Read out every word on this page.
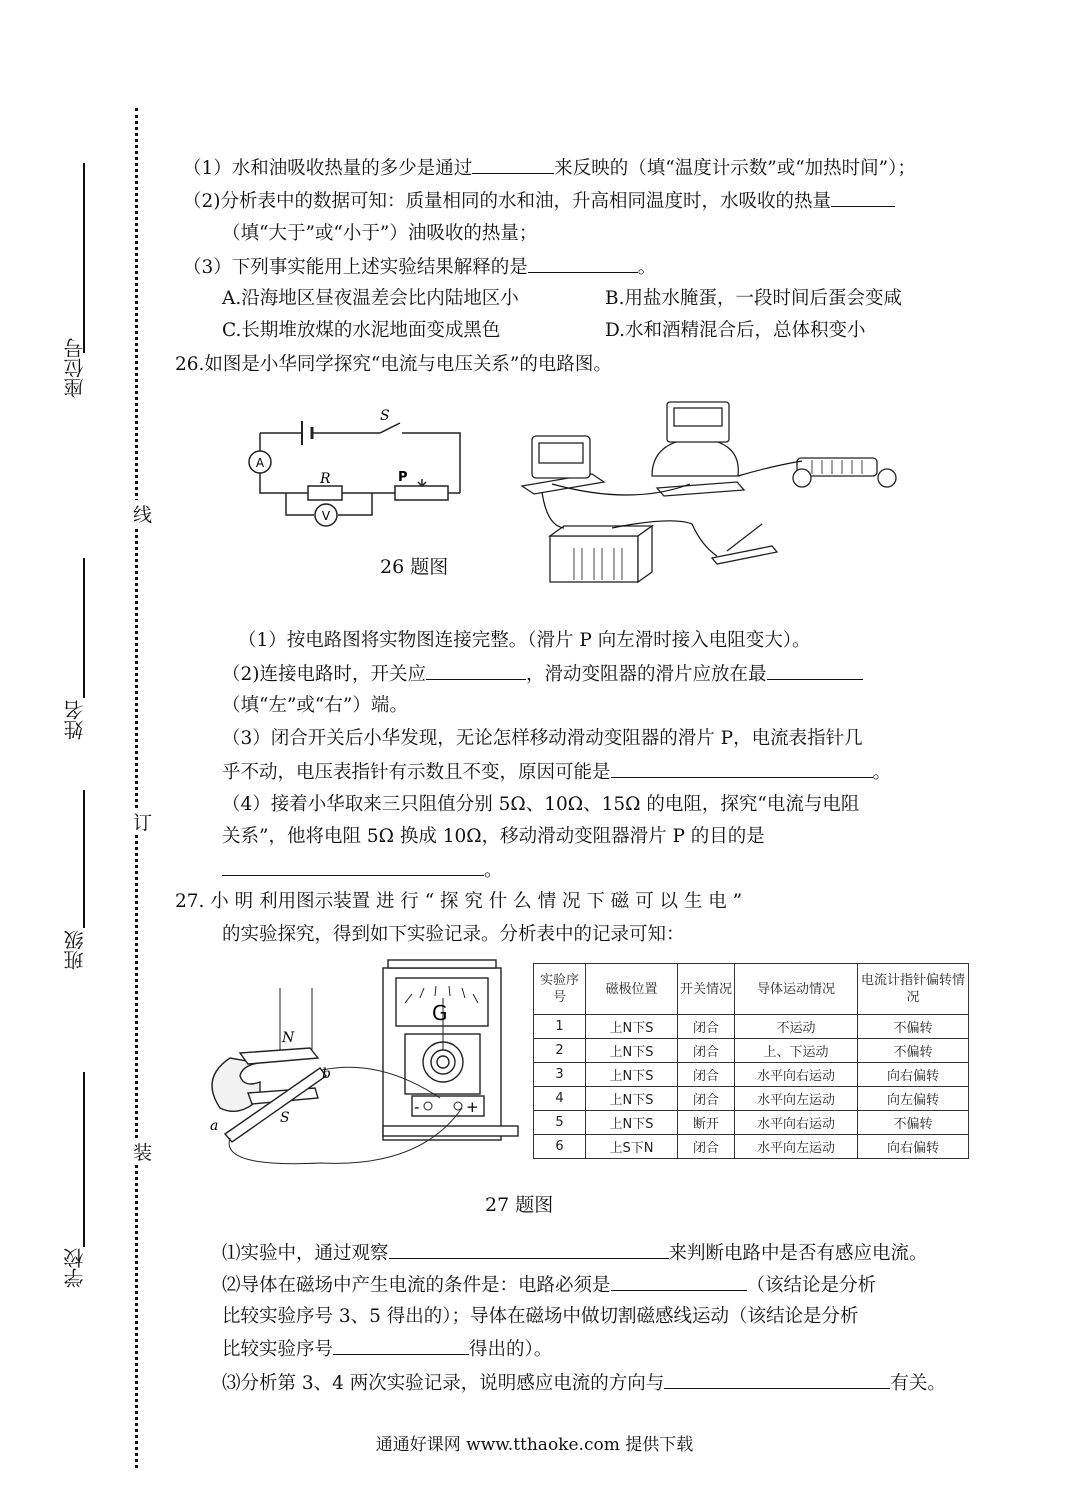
座位号
姓名
班级
学校
线
订
装
（1）水和油吸收热量的多少是通过	来反映的（填“温度计示数”或“加热时间”）；
（2)分析表中的数据可知：质量相同的水和油，升高相同温度时，水吸收的热量
（填“大于”或“小于”）油吸收的热量；
（3）下列事实能用上述实验结果解释的是	。
A.沿海地区昼夜温差会比内陆地区小	B.用盐水腌蛋，一段时间后蛋会变咸
C.长期堆放煤的水泥地面变成黑色	D.水和酒精混合后，总体积变小
26.如图是小华同学探究“电流与电压关系”的电路图。
A
V
S
R	P
26 题图
（1）按电路图将实物图连接完整。（滑片 P 向左滑时接入电阻变大）。
（2)连接电路时，开关应	，滑动变阻器的滑片应放在最
（填“左”或“右”）端。
（3）闭合开关后小华发现，无论怎样移动滑动变阻器的滑片 P，电流表指针几
乎不动，电压表指针有示数且不变，原因可能是	。
（4）接着小华取来三只阻值分别 5Ω、10Ω、15Ω 的电阻，探究“电流与电阻
关系”，他将电阻 5Ω 换成 10Ω，移动滑动变阻器滑片 P 的目的是
。
27. 小 明 利用图示装置 进 行 “ 探 究 什 么 情 况 下 磁 可 以 生 电 ”
的实验探究，得到如下实验记录。分析表中的记录可知：
G
-	+
N
S
a
b
实验序号	磁极位置	开关情况	导体运动情况	电流计指针偏转情况
1	上N下S	闭合	不运动	不偏转
2	上N下S	闭合	上、下运动	不偏转
3	上N下S	闭合	水平向右运动	向右偏转
4	上N下S	闭合	水平向左运动	向左偏转
5	上N下S	断开	水平向右运动	不偏转
6	上S下N	闭合	水平向左运动	向右偏转
27 题图
⑴实验中，通过观察	来判断电路中是否有感应电流。
⑵导体在磁场中产生电流的条件是：电路必须是	（该结论是分析
比较实验序号 3、5 得出的）；导体在磁场中做切割磁感线运动（该结论是分析
比较实验序号	得出的）。
⑶分析第 3、4 两次实验记录，说明感应电流的方向与	有关。
通通好课网 www.tthaoke.com 提供下载
